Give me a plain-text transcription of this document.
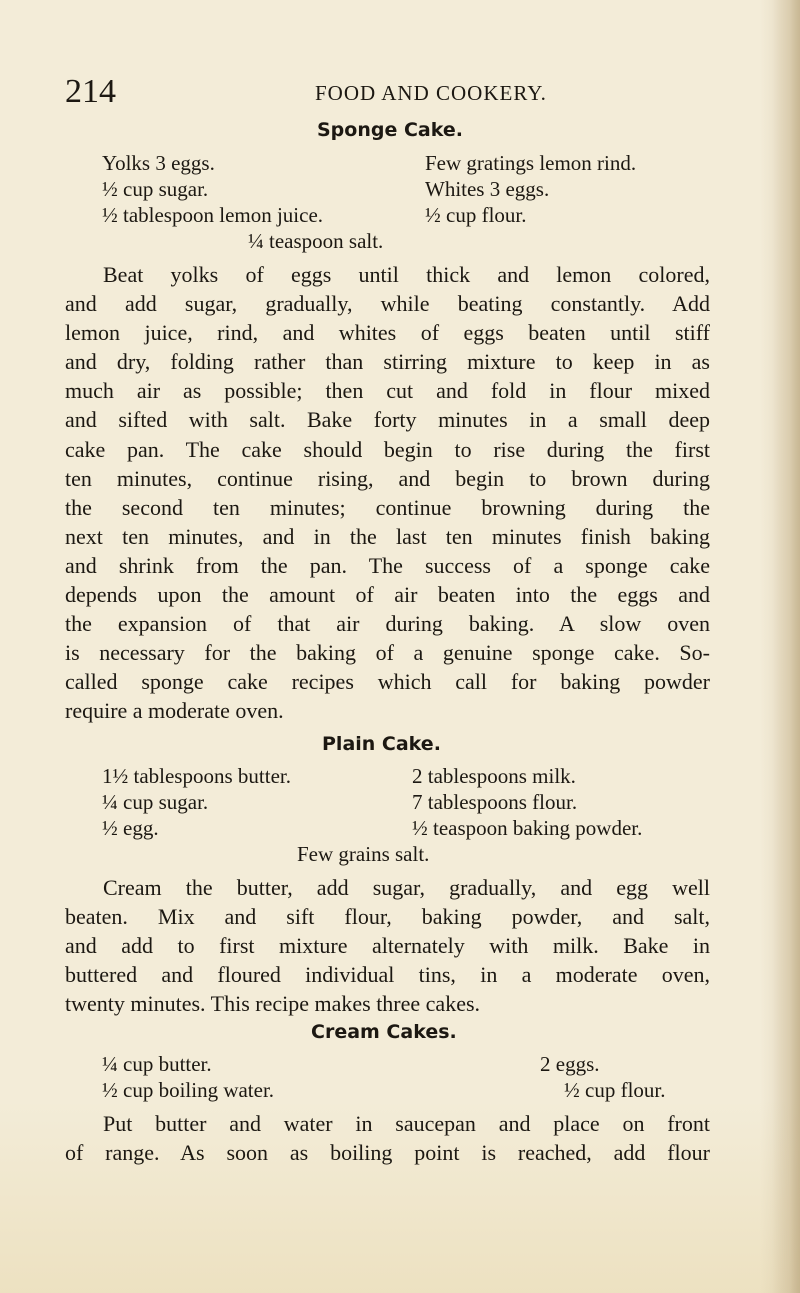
214	FOOD AND COOKERY.
Sponge Cake.
Yolks 3 eggs.	Few gratings lemon rind.
½ cup sugar.	Whites 3 eggs.
½ tablespoon lemon juice.	½ cup flour.
¼ teaspoon salt.
Beat yolks of eggs until thick and lemon colored,
and add sugar, gradually, while beating constantly. Add
lemon juice, rind, and whites of eggs beaten until stiff
and dry, folding rather than stirring mixture to keep in as
much air as possible; then cut and fold in flour mixed
and sifted with salt. Bake forty minutes in a small deep
cake pan. The cake should begin to rise during the first
ten minutes, continue rising, and begin to brown during
the second ten minutes; continue browning during the
next ten minutes, and in the last ten minutes finish baking
and shrink from the pan. The success of a sponge cake
depends upon the amount of air beaten into the eggs and
the expansion of that air during baking. A slow oven
is necessary for the baking of a genuine sponge cake. So-
called sponge cake recipes which call for baking powder
require a moderate oven.
Plain Cake.
1½ tablespoons butter.	2 tablespoons milk.
¼ cup sugar.	7 tablespoons flour.
½ egg.	½ teaspoon baking powder.
Few grains salt.
Cream the butter, add sugar, gradually, and egg well
beaten. Mix and sift flour, baking powder, and salt,
and add to first mixture alternately with milk. Bake in
buttered and floured individual tins, in a moderate oven,
twenty minutes. This recipe makes three cakes.
Cream Cakes.
¼ cup butter.	2 eggs.
½ cup boiling water.	½ cup flour.
Put butter and water in saucepan and place on front
of range. As soon as boiling point is reached, add flour
